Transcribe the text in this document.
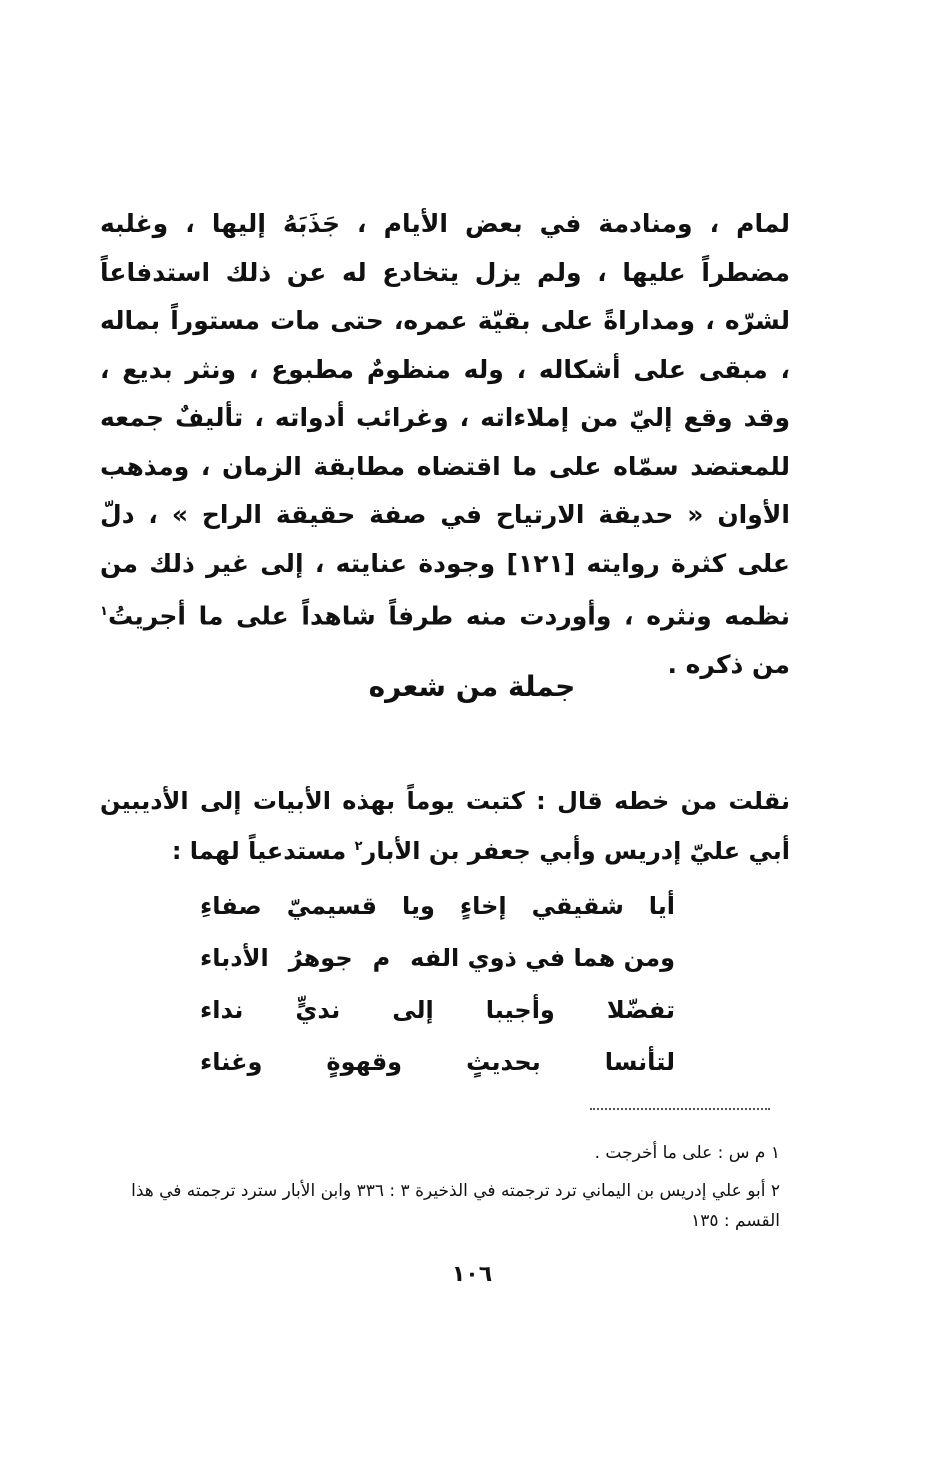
لمام ، ومنادمة في بعض الأيام ، جَذَبَهُ إليها ، وغلبه مضطراً عليها ، ولم يزل يتخادع له عن ذلك استدفاعاً لشرّه ، ومداراةً على بقيّة عمره، حتى مات مستوراً بماله ، مبقى على أشكاله ، وله منظومٌ مطبوع ، ونثر بديع ، وقد وقع إليّ من إملاءاته ، وغرائب أدواته ، تأليفٌ جمعه للمعتضد سمّاه على ما اقتضاه مطابقة الزمان ، ومذهب الأوان « حديقة الارتياح في صفة حقيقة الراح » ، دلّ على كثرة روايته [١٢١] وجودة عنايته ، إلى غير ذلك من نظمه ونثره ، وأوردت منه طرفاً شاهداً على ما أجريتُ$^١$ من ذكره .
جملة من شعره
نقلت من خطه قال : كتبت يوماً بهذه الأبيات إلى الأديبين أبي عليّ إدريس وأبي جعفر بن الأبار$^٢$ مستدعياً لهما :
أيا
شقيقي
إخاءٍ
ويا
قسيميّ
صفاءِ
ومن هما في ذوي الفه
م
جوهرُ
الأدباء
تفضّلا
وأجيبا
إلى
نديٍّ
نداء
لتأنسا
بحديثٍ
وقهوةٍ
وغناء
١ م س : على ما أخرجت .
٢ أبو علي إدريس بن اليماني ترد ترجمته في الذخيرة ٣ : ٣٣٦ وابن الأبار سترد ترجمته في هذا القسم : ١٣٥
١٠٦
